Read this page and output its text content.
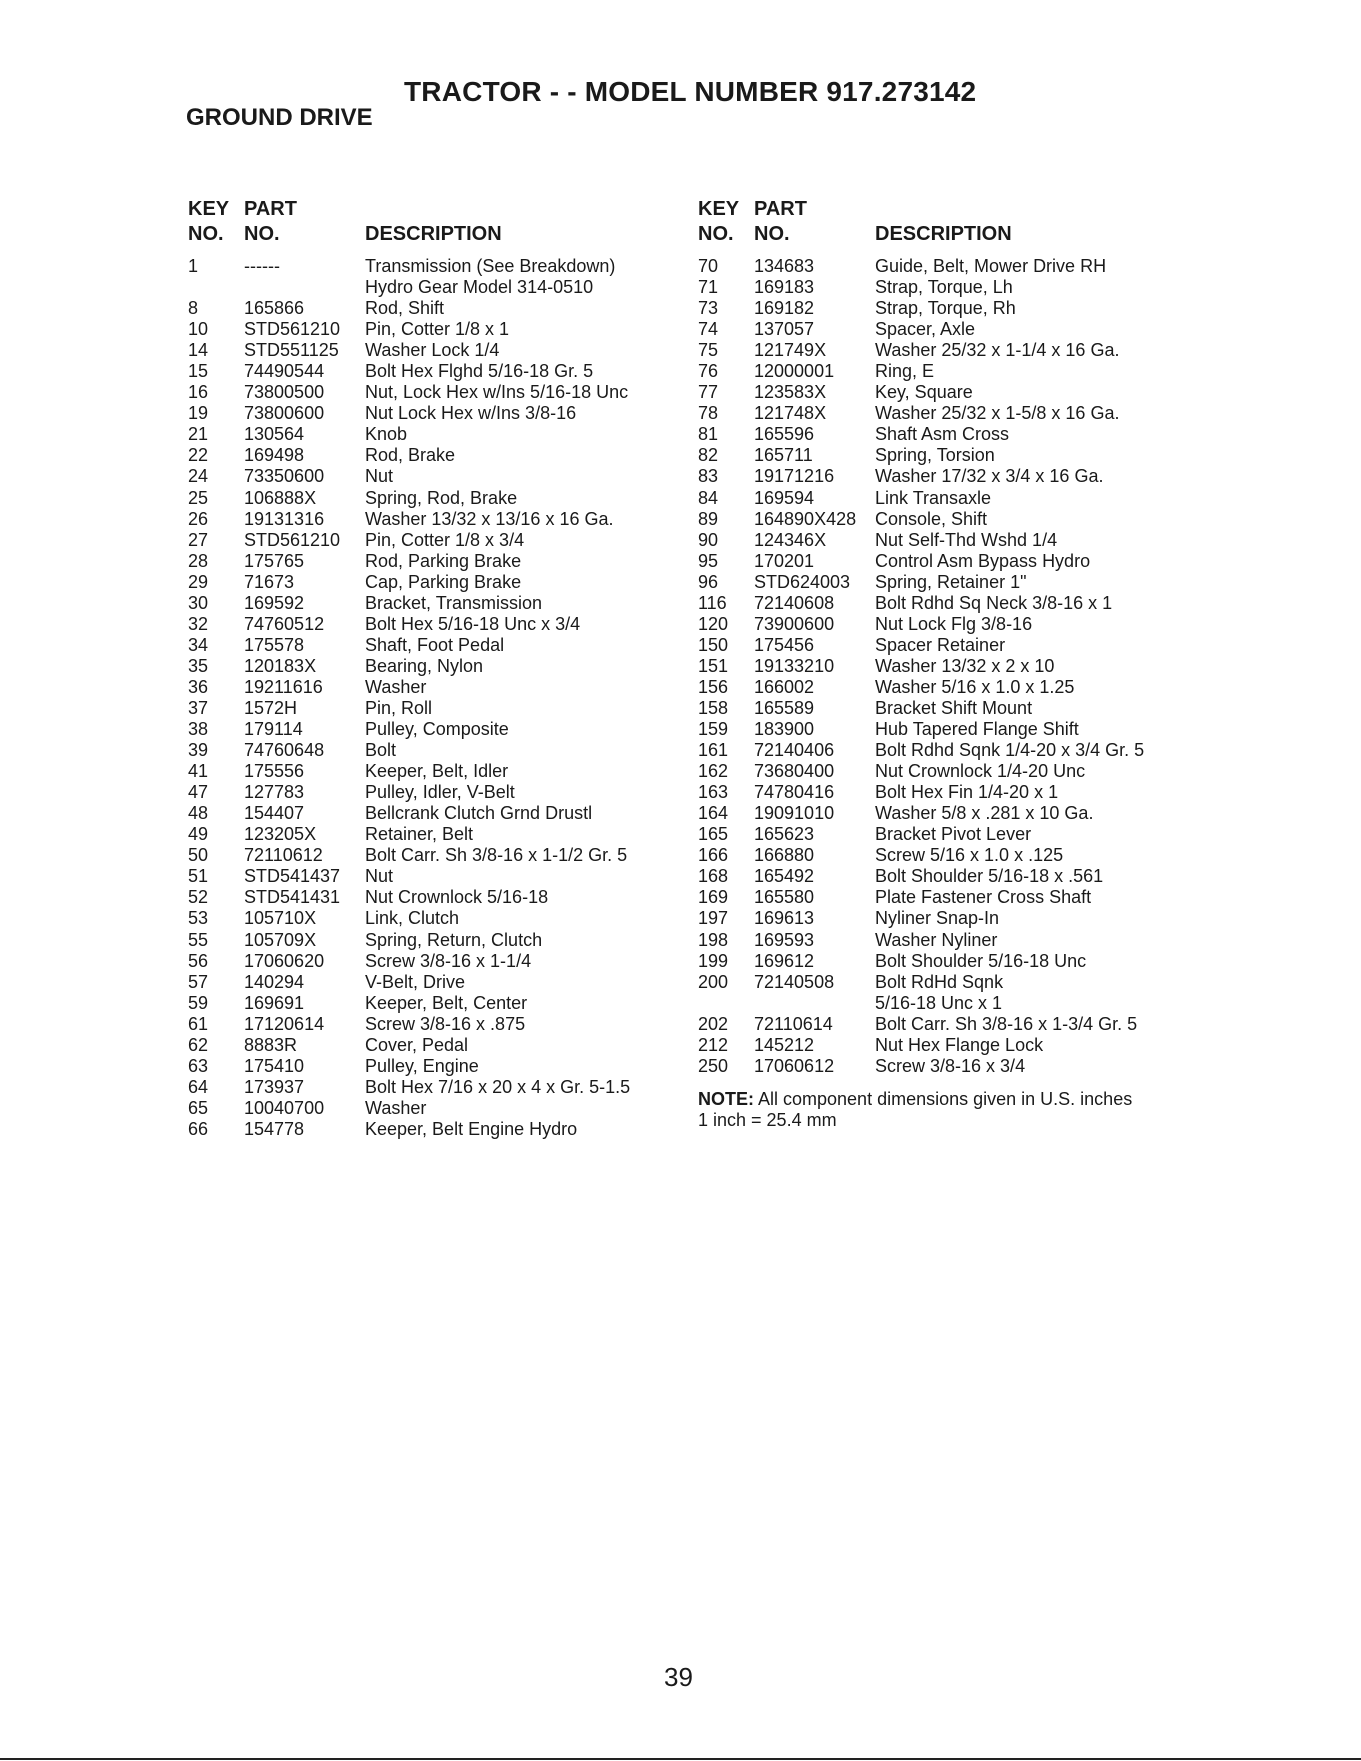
TRACTOR - - MODEL NUMBER 917.273142
GROUND DRIVE
KEY
NO.
PART
NO.	DESCRIPTION
1	------	Transmission (See Breakdown)
Hydro Gear Model 314-0510
8	165866	Rod, Shift
10 STD561210 Pin, Cotter 1/8 x 1
14 STD551125 Washer Lock 1/4
15 74490544 Bolt Hex Flghd 5/16-18 Gr. 5
16 73800500 Nut, Lock Hex w/Ins 5/16-18 Unc
19 73800600 Nut Lock Hex w/Ins 3/8-16
21 130564	Knob
22 169498	Rod, Brake
24 73350600 Nut
25 106888X	Spring, Rod, Brake
26 19131316 Washer 13/32 x 13/16 x 16 Ga.
27 STD561210 Pin, Cotter 1/8 x 3/4
28 175765	Rod, Parking Brake
29 71673	Cap, Parking Brake
30 169592	Bracket, Transmission
32 74760512 Bolt Hex 5/16-18 Unc x 3/4
34 175578	Shaft, Foot Pedal
35 120183X	Bearing, Nylon
36 19211616 Washer
37 1572H	Pin, Roll
38 179114	Pulley, Composite
39 74760648 Bolt
41 175556	Keeper, Belt, Idler
47 127783	Pulley, Idler, V-Belt
48 154407	Bellcrank Clutch Grnd Drustl
49 123205X	Retainer, Belt
50 72110612 Bolt Carr. Sh 3/8-16 x 1-1/2 Gr. 5
51 STD541437 Nut
52 STD541431 Nut Crownlock 5/16-18
53 105710X	Link, Clutch
55 105709X	Spring, Return, Clutch
56 17060620 Screw 3/8-16 x 1-1/4
57 140294	V-Belt, Drive
59 169691	Keeper, Belt, Center
61 17120614 Screw 3/8-16 x .875
62 8883R	Cover, Pedal
63 175410	Pulley, Engine
64 173937	Bolt Hex 7/16 x 20 x 4 x Gr. 5-1.5
65 10040700 Washer
66 154778	Keeper, Belt Engine Hydro
KEY
NO.
PART
NO.	DESCRIPTION
70 134683	Guide, Belt, Mower Drive RH
71 169183	Strap, Torque, Lh
73 169182	Strap, Torque, Rh
74 137057	Spacer, Axle
75 121749X	Washer 25/32 x 1-1/4 x 16 Ga.
76 12000001 Ring, E
77 123583X	Key, Square
78 121748X	Washer 25/32 x 1-5/8 x 16 Ga.
81 165596	Shaft Asm Cross
82 165711	Spring, Torsion
83 19171216 Washer 17/32 x 3/4 x 16 Ga.
84 169594	Link Transaxle
89 164890X428 Console, Shift
90 124346X	Nut Self-Thd Wshd 1/4
95 170201	Control Asm Bypass Hydro
96 STD624003 Spring, Retainer 1"
116 72140608 Bolt Rdhd Sq Neck 3/8-16 x 1
120 73900600 Nut Lock Flg 3/8-16
150 175456	Spacer Retainer
151 19133210 Washer 13/32 x 2 x 10
156 166002	Washer 5/16 x 1.0 x 1.25
158 165589	Bracket Shift Mount
159 183900	Hub Tapered Flange Shift
161 72140406 Bolt Rdhd Sqnk 1/4-20 x 3/4 Gr. 5
162 73680400 Nut Crownlock 1/4-20 Unc
163 74780416 Bolt Hex Fin 1/4-20 x 1
164 19091010 Washer 5/8 x .281 x 10 Ga.
165 165623	Bracket Pivot Lever
166 166880	Screw 5/16 x 1.0 x .125
168 165492	Bolt Shoulder 5/16-18 x .561
169 165580	Plate Fastener Cross Shaft
197 169613	Nyliner Snap-In
198 169593	Washer Nyliner
199 169612	Bolt Shoulder 5/16-18 Unc
200 72140508 Bolt RdHd Sqnk
5/16-18 Unc x 1
202 72110614 Bolt Carr. Sh 3/8-16 x 1-3/4 Gr. 5
212 145212	Nut Hex Flange Lock
250 17060612 Screw 3/8-16 x 3/4
NOTE: All component dimensions given in U.S. inches
1 inch = 25.4 mm
39
